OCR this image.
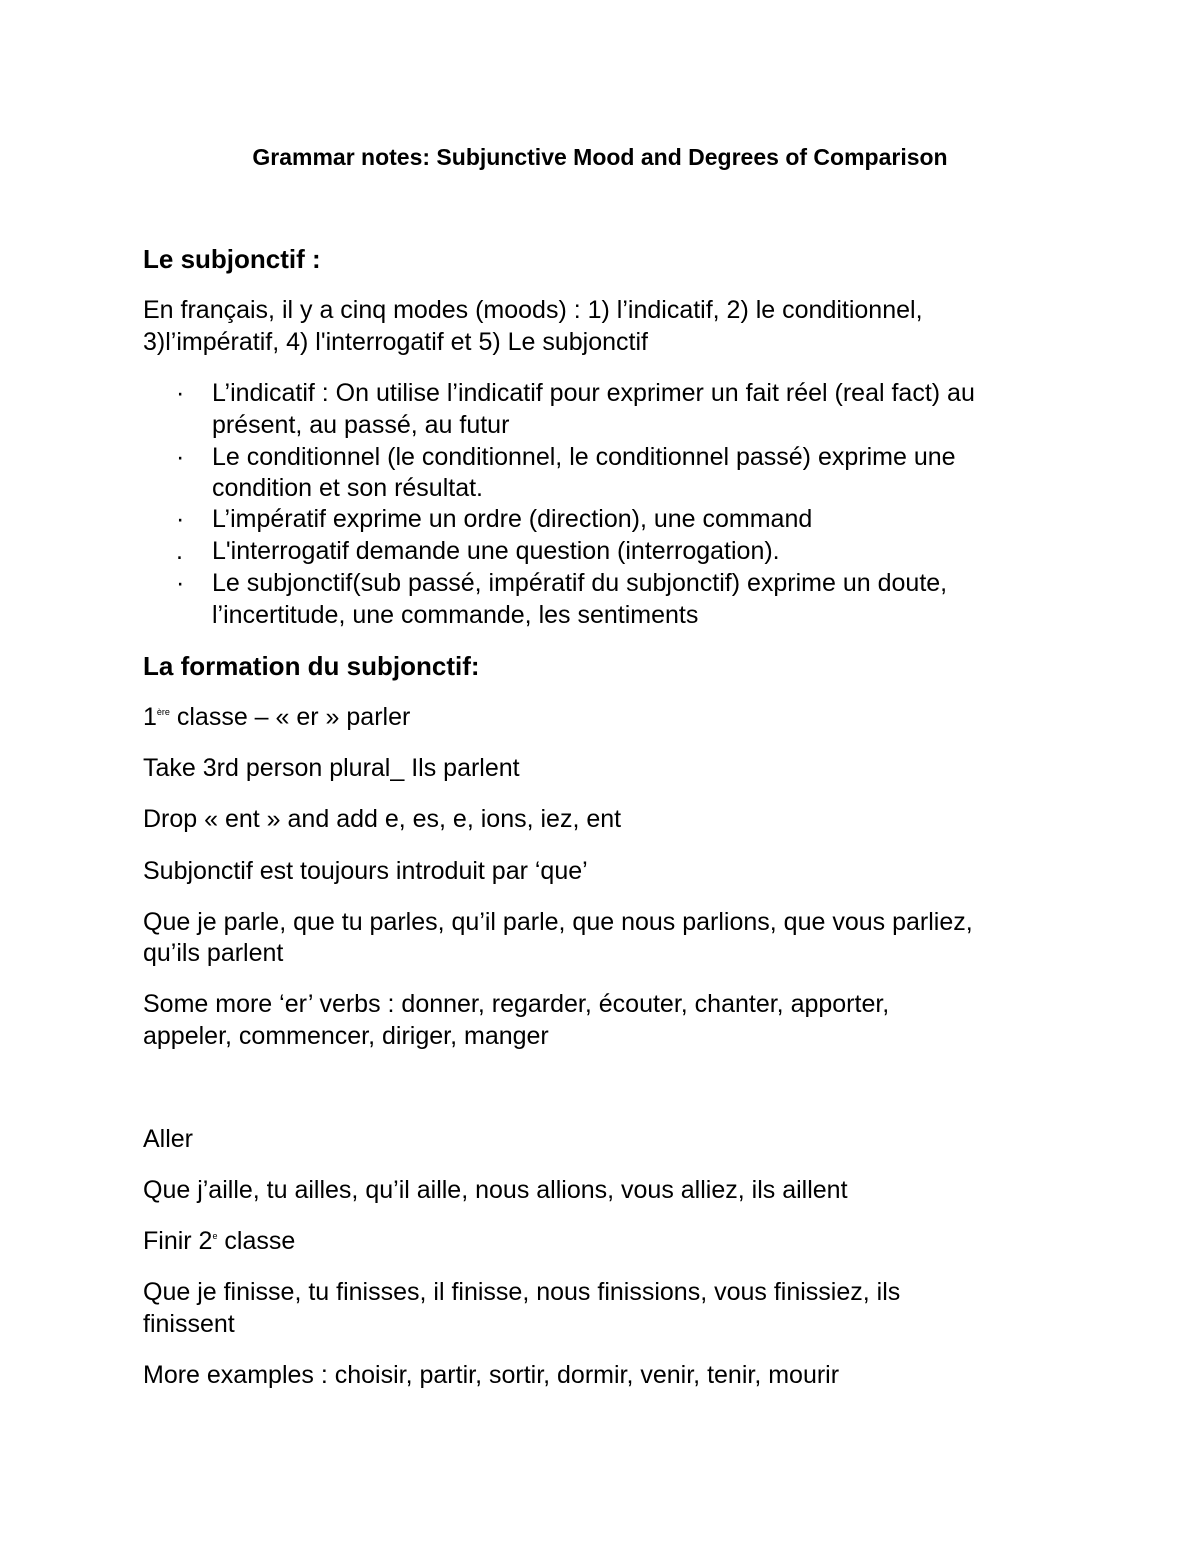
Grammar notes: Subjunctive Mood and Degrees of Comparison

Le subjonctif :

En français, il y a cinq modes (moods) : 1) l’indicatif, 2) le conditionnel,

3)l’impératif, 4) l'interrogatif et 5) Le subjonctif

· L’indicatif : On utilise l’indicatif pour exprimer un fait réel (real fact) au
présent, au passé, au futur
· Le conditionnel (le conditionnel, le conditionnel passé) exprime une
condition et son résultat.
· L’impératif exprime un ordre (direction), une command
. L'interrogatif demande une question (interrogation).
· Le subjonctif(sub passé, impératif du subjonctif) exprime un doute,
l’incertitude, une commande, les sentiments

La formation du subjonctif:

1ère classe – « er » parler

Take 3rd person plural_ Ils parlent

Drop « ent » and add e, es, e, ions, iez, ent

Subjonctif est toujours introduit par ‘que’

Que je parle, que tu parles, qu’il parle, que nous parlions, que vous parliez,

qu’ils parlent

Some more ‘er’ verbs : donner, regarder, écouter, chanter, apporter,

appeler, commencer, diriger, manger

Aller

Que j’aille, tu ailles, qu’il aille, nous allions, vous alliez, ils aillent

Finir 2e classe

Que je finisse, tu finisses, il finisse, nous finissions, vous finissiez, ils

finissent

More examples : choisir, partir, sortir, dormir, venir, tenir, mourir
